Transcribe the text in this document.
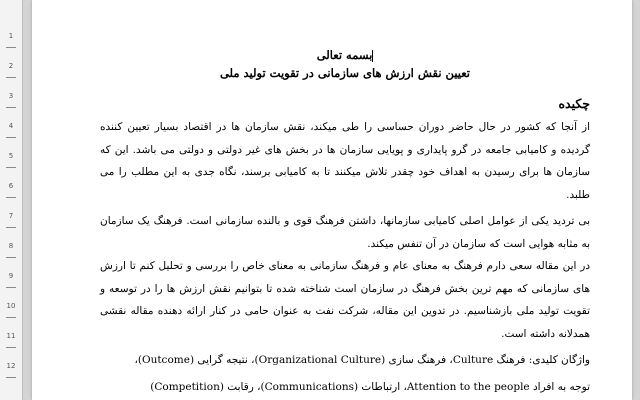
1
2
3
4
5
6
7
8
9
10
11
12
بسمه تعالی
تعیین نقش ارزش های سازمانی در تقویت تولید ملی
چکیده

از آنجا که کشور در حال حاضر دوران حساسی را طی میکند، نقش سازمان ها در اقتصاد بسیار تعیین کننده گردیده و کامیابی جامعه در گرو پایداری و پویایی سازمان ها در بخش های غیر دولتی و دولتی می باشد. این که سازمان ها برای رسیدن به اهداف خود چقدر تلاش میکنند تا به کامیابی برسند، نگاه جدی به این مطلب را می طلبد.

بی تردید یکی از عوامل اصلی کامیابی سازمانها، داشتن فرهنگ قوی و بالنده سازمانی است. فرهنگ یک سازمان به مثابه هوایی است که سازمان در آن تنفس میکند.

در این مقاله سعی دارم فرهنگ به معنای عام و فرهنگ سازمانی به معنای خاص را بررسی و تحلیل کنم تا ارزش های سازمانی که مهم ترین بخش فرهنگ در سازمان است شناخته شده تا بتوانیم نقش ارزش ها را در توسعه و تقویت تولید ملی بازشناسیم. در تدوین این مقاله، شرکت نفت به عنوان حامی در کنار ارائه دهنده مقاله نقشی همدلانه داشته است.

واژگان کلیدی: فرهنگ Culture، فرهنگ سازی (Organizational Culture)، نتیجه گرایی (Outcome)،

توجه به افراد Attention to the people، ارتباطات (Communications)، رقابت (Competition)
